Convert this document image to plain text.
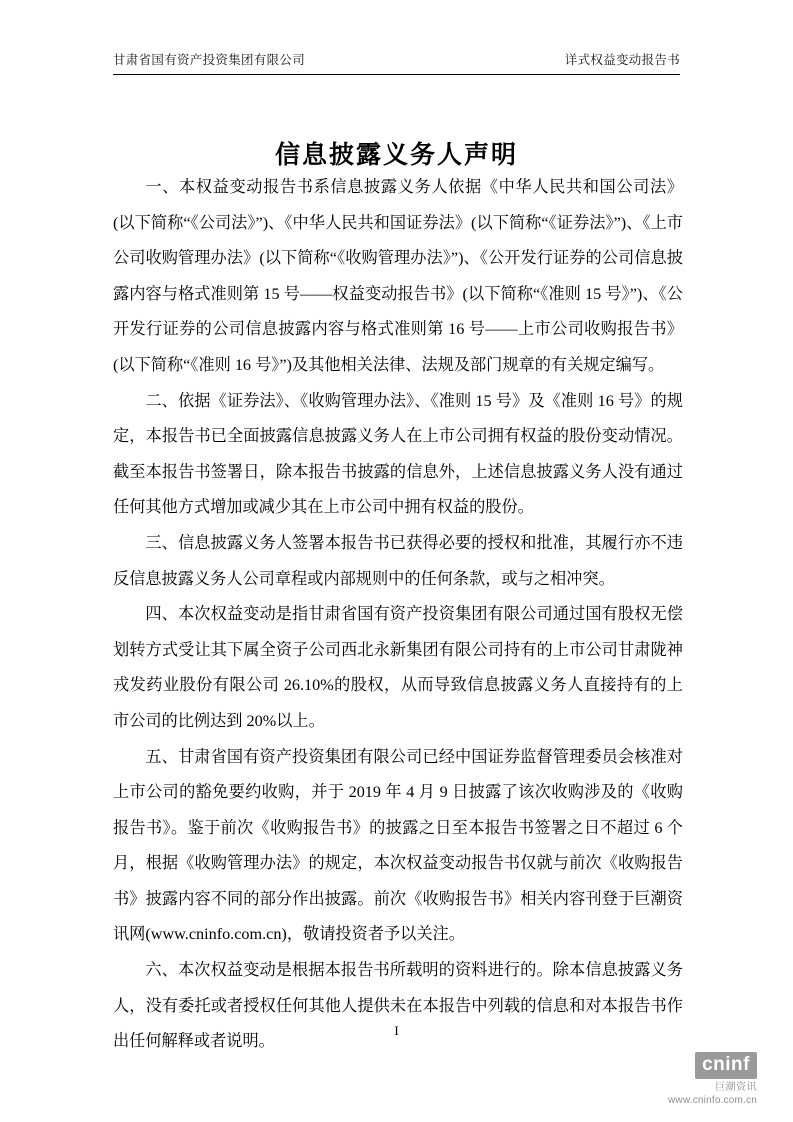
甘肃省国有资产投资集团有限公司	详式权益变动报告书
信息披露义务人声明

一、本权益变动报告书系信息披露义务人依据《中华人民共和国公司法》(以下简称“《公司法》”)、《中华人民共和国证券法》(以下简称“《证券法》”)、《上市公司收购管理办法》(以下简称“《收购管理办法》”)、《公开发行证券的公司信息披露内容与格式准则第 15 号——权益变动报告书》(以下简称“《准则 15 号》”)、《公开发行证券的公司信息披露内容与格式准则第 16 号——上市公司收购报告书》(以下简称“《准则 16 号》”)及其他相关法律、法规及部门规章的有关规定编写。

二、依据《证券法》、《收购管理办法》、《准则 15 号》及《准则 16 号》的规定，本报告书已全面披露信息披露义务人在上市公司拥有权益的股份变动情况。截至本报告书签署日，除本报告书披露的信息外，上述信息披露义务人没有通过任何其他方式增加或减少其在上市公司中拥有权益的股份。

三、信息披露义务人签署本报告书已获得必要的授权和批准，其履行亦不违反信息披露义务人公司章程或内部规则中的任何条款，或与之相冲突。

四、本次权益变动是指甘肃省国有资产投资集团有限公司通过国有股权无偿划转方式受让其下属全资子公司西北永新集团有限公司持有的上市公司甘肃陇神戎发药业股份有限公司 26.10%的股权，从而导致信息披露义务人直接持有的上市公司的比例达到 20%以上。

五、甘肃省国有资产投资集团有限公司已经中国证券监督管理委员会核准对上市公司的豁免要约收购，并于 2019 年 4 月 9 日披露了该次收购涉及的《收购报告书》。鉴于前次《收购报告书》的披露之日至本报告书签署之日不超过 6 个月，根据《收购管理办法》的规定，本次权益变动报告书仅就与前次《收购报告书》披露内容不同的部分作出披露。前次《收购报告书》相关内容刊登于巨潮资讯网(www.cninfo.com.cn)，敬请投资者予以关注。

六、本次权益变动是根据本报告书所载明的资料进行的。除本信息披露义务人，没有委托或者授权任何其他人提供未在本报告中列载的信息和对本报告书作出任何解释或者说明。

I
cninf
巨潮资讯
www.cninfo.com.cn
